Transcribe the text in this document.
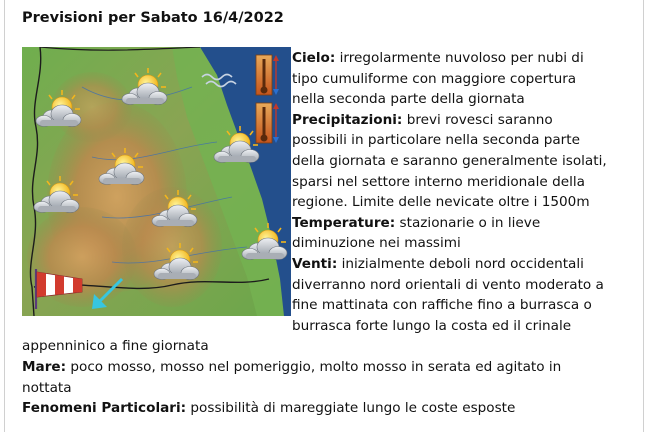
Previsioni per Sabato 16/4/2022

Cielo: irregolarmente nuvoloso per nubi di

tipo cumuliforme con maggiore copertura

nella seconda parte della giornata

Precipitazioni: brevi rovesci saranno

possibili in particolare nella seconda parte

della giornata e saranno generalmente isolati,

sparsi nel settore interno meridionale della

regione. Limite delle nevicate oltre i 1500m

Temperature: stazionarie o in lieve

diminuzione nei massimi

Venti: inizialmente deboli nord occidentali

diverranno nord orientali di vento moderato a

fine mattinata con raffiche fino a burrasca o

burrasca forte lungo la costa ed il crinale

appenninico a fine giornata

Mare: poco mosso, mosso nel pomeriggio, molto mosso in serata ed agitato in

nottata

Fenomeni Particolari: possibilità di mareggiate lungo le coste esposte
